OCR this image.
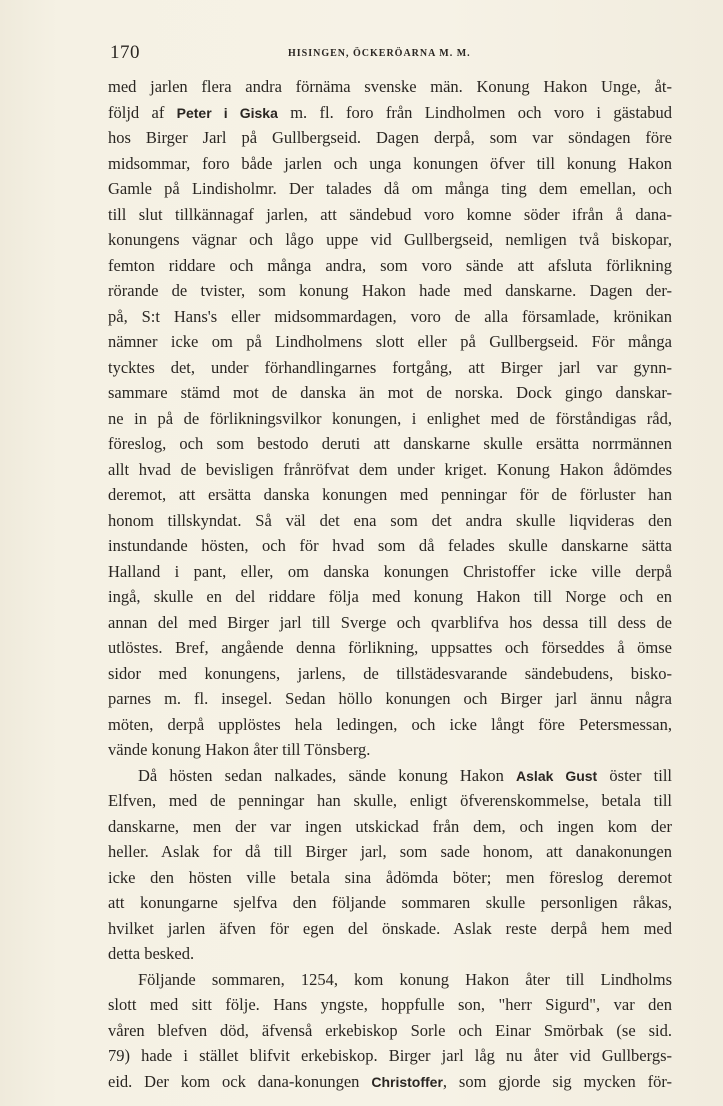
170	HISINGEN, ÖCKERÖARNA M. M.
med jarlen flera andra förnäma svenske män. Konung Hakon Unge, åt-
följd af Peter i Giska m. fl. foro från Lindholmen och voro i gästabud
hos Birger Jarl på Gullbergseid. Dagen derpå, som var söndagen före
midsommar, foro både jarlen och unga konungen öfver till konung Hakon
Gamle på Lindisholmr. Der talades då om många ting dem emellan, och
till slut tillkännagaf jarlen, att sändebud voro komne söder ifrån å dana-
konungens vägnar och lågo uppe vid Gullbergseid, nemligen två biskopar,
femton riddare och många andra, som voro sände att afsluta förlikning
rörande de tvister, som konung Hakon hade med danskarne. Dagen der-
på, S:t Hans's eller midsommardagen, voro de alla församlade, krönikan
nämner icke om på Lindholmens slott eller på Gullbergseid. För många
tycktes det, under förhandlingarnes fortgång, att Birger jarl var gynn-
sammare stämd mot de danska än mot de norska. Dock gingo danskar-
ne in på de förlikningsvilkor konungen, i enlighet med de förståndigas råd,
föreslog, och som bestodo deruti att danskarne skulle ersätta norrmännen
allt hvad de bevisligen frånröfvat dem under kriget. Konung Hakon ådömdes
deremot, att ersätta danska konungen med penningar för de förluster han
honom tillskyndat. Så väl det ena som det andra skulle liqvideras den
instundande hösten, och för hvad som då felades skulle danskarne sätta
Halland i pant, eller, om danska konungen Christoffer icke ville derpå
ingå, skulle en del riddare följa med konung Hakon till Norge och en
annan del med Birger jarl till Sverge och qvarblifva hos dessa till dess de
utlöstes. Bref, angående denna förlikning, uppsattes och förseddes å ömse
sidor med konungens, jarlens, de tillstädesvarande sändebudens, bisko-
parnes m. fl. insegel. Sedan höllo konungen och Birger jarl ännu några
möten, derpå upplöstes hela ledingen, och icke långt före Petersmessan,
vände konung Hakon åter till Tönsberg.
Då hösten sedan nalkades, sände konung Hakon Aslak Gust öster till
Elfven, med de penningar han skulle, enligt öfverenskommelse, betala till
danskarne, men der var ingen utskickad från dem, och ingen kom der
heller. Aslak for då till Birger jarl, som sade honom, att danakonungen
icke den hösten ville betala sina ådömda böter; men föreslog deremot
att konungarne sjelfva den följande sommaren skulle personligen råkas,
hvilket jarlen äfven för egen del önskade. Aslak reste derpå hem med
detta besked.
Följande sommaren, 1254, kom konung Hakon åter till Lindholms
slott med sitt följe. Hans yngste, hoppfulle son, "herr Sigurd", var den
våren blefven död, äfvenså erkebiskop Sorle och Einar Smörbak (se sid.
79) hade i stället blifvit erkebiskop. Birger jarl låg nu åter vid Gullbergs-
eid. Der kom ock dana-konungen Christoffer, som gjorde sig mycken för-
